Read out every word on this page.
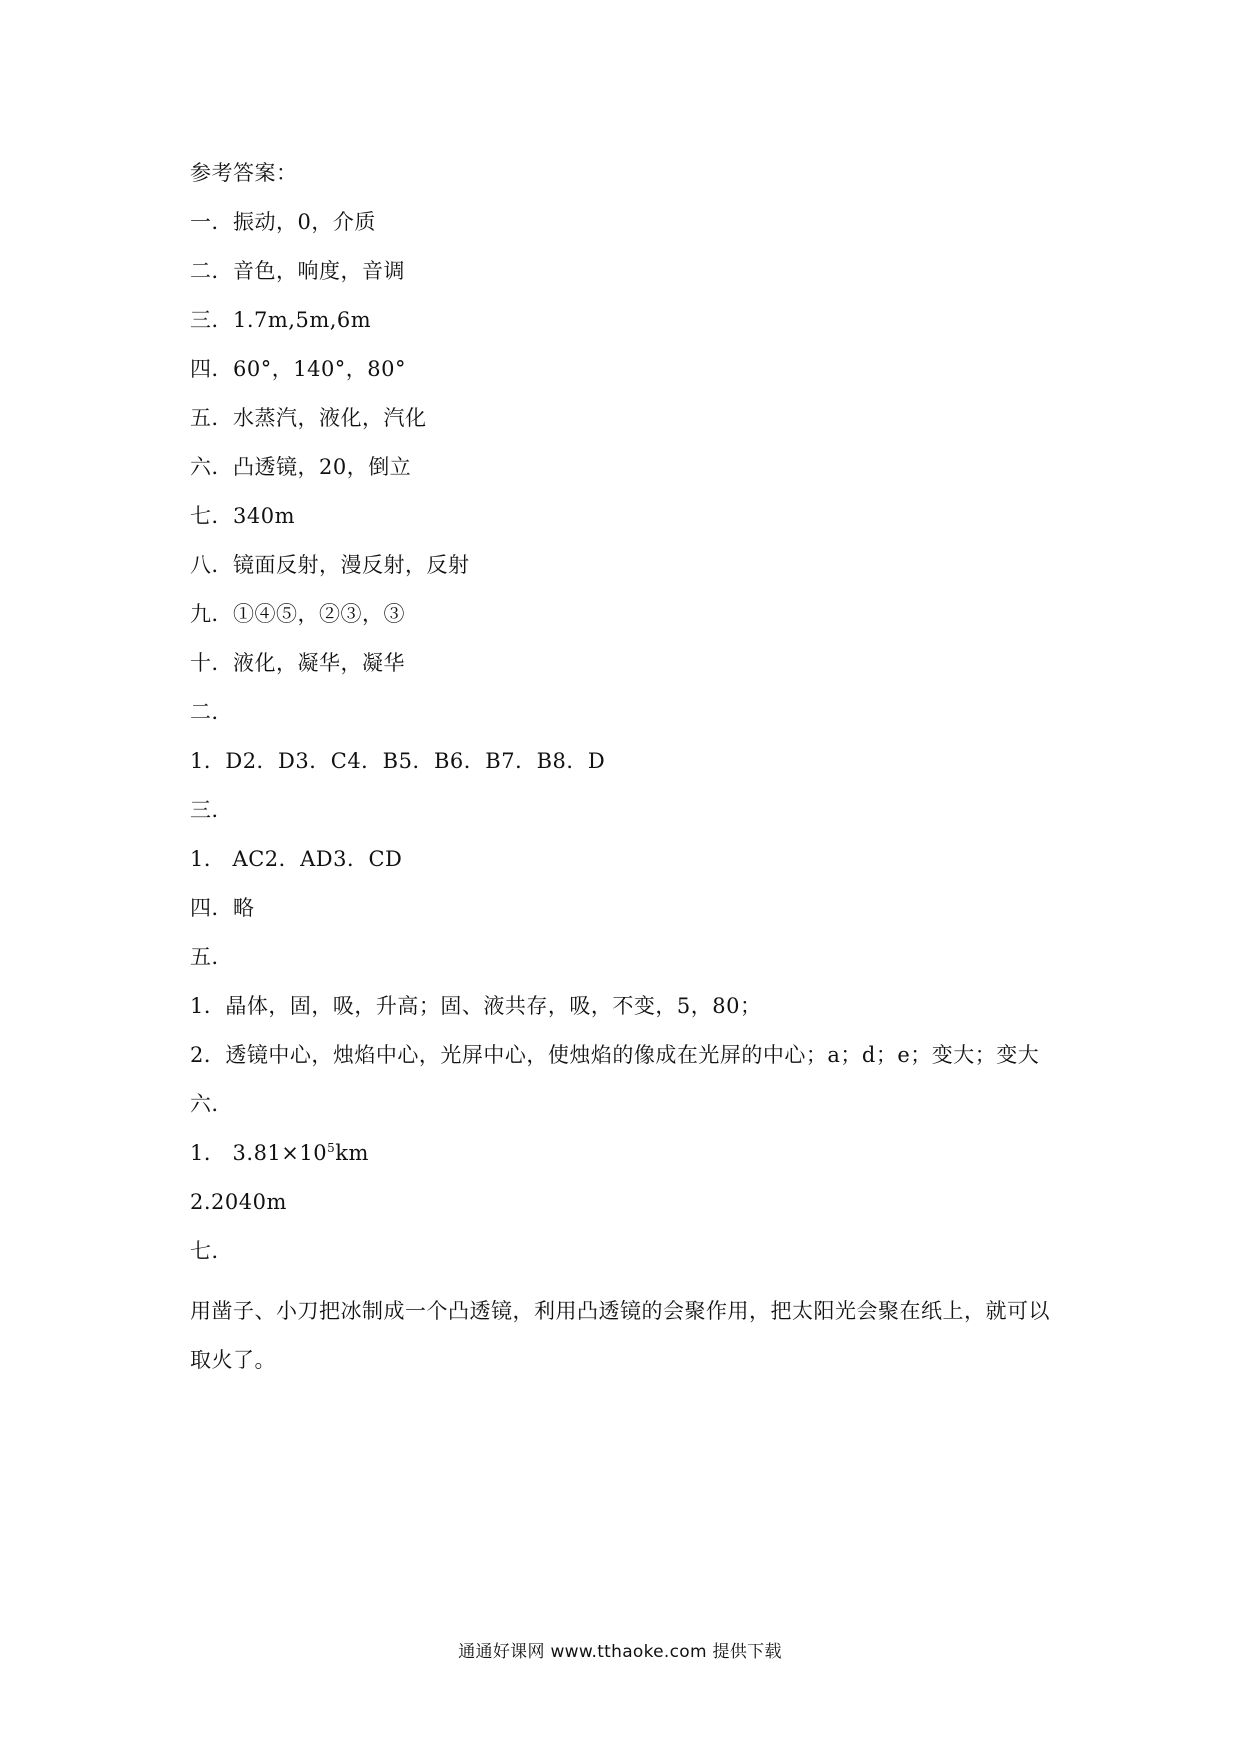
参考答案：
一．振动，0，介质
二．音色，响度，音调
三．1.7m,5m,6m
四．60°，140°，80°
五．水蒸汽，液化，汽化
六．凸透镜，20，倒立
七．340m
八．镜面反射，漫反射，反射
九．①④⑤，②③，③
十．液化，凝华，凝华
二．
1．D2．D3．C4．B5．B6．B7．B8．D
三．
1． AC2．AD3．CD
四．略
五．
1．晶体，固，吸，升高；固、液共存，吸，不变，5，80；
2．透镜中心，烛焰中心，光屏中心，使烛焰的像成在光屏的中心；a；d；e；变大；变大
六．
1． $3.81\times 10^5km$
2.2040m
七．
用凿子、小刀把冰制成一个凸透镜，利用凸透镜的会聚作用，把太阳光会聚在纸上，就可以取火了。
通通好课网 www.tthaoke.com 提供下载
